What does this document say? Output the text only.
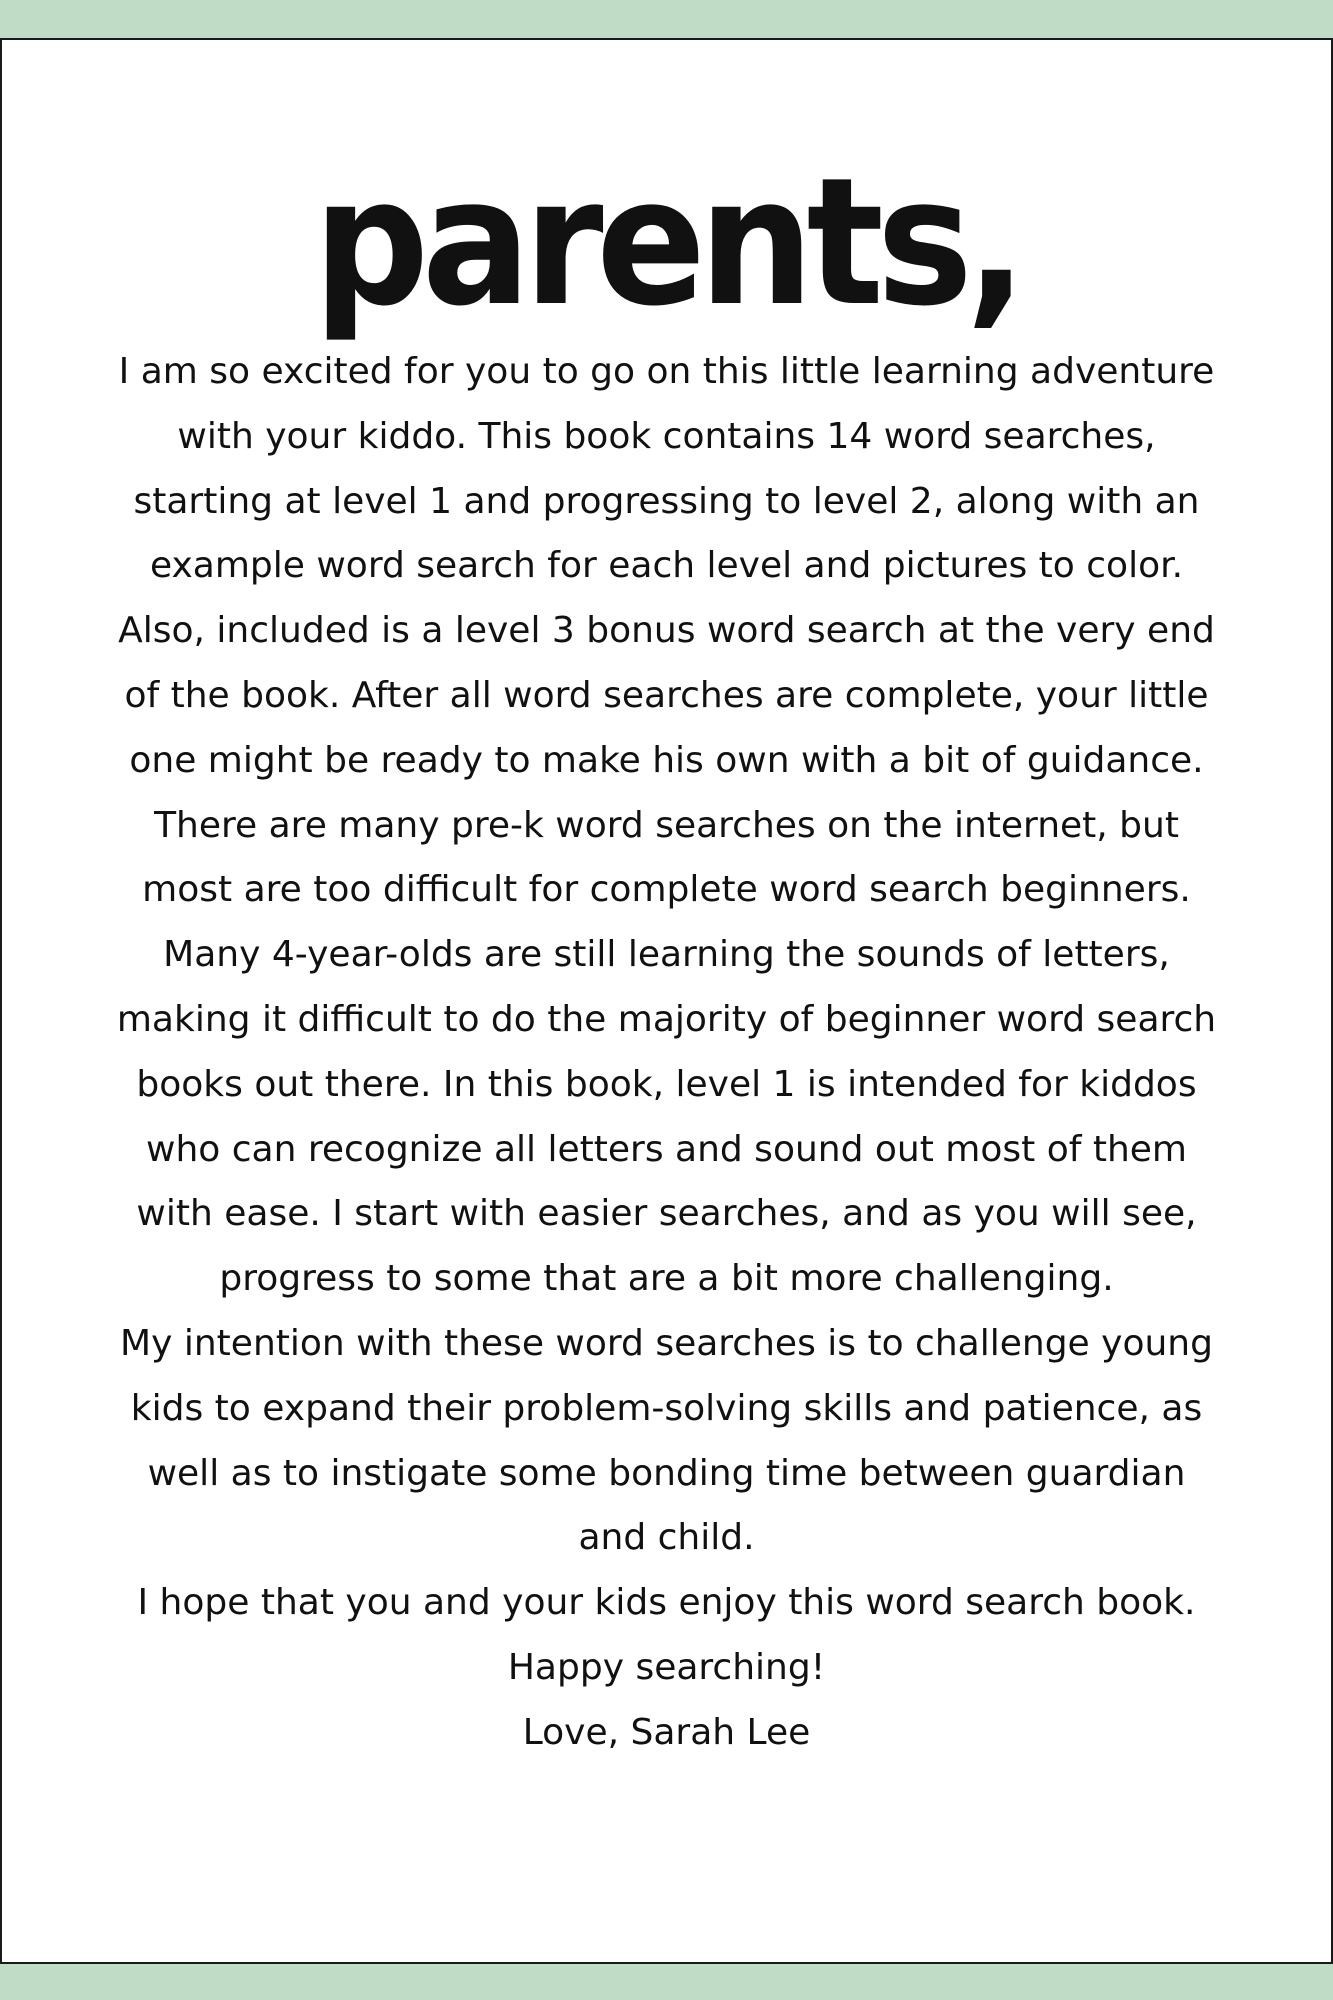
parents,

I am so excited for you to go on this little learning adventure with your kiddo. This book contains 14 word searches, starting at level 1 and progressing to level 2, along with an example word search for each level and pictures to color. Also, included is a level 3 bonus word search at the very end of the book. After all word searches are complete, your little one might be ready to make his own with a bit of guidance.

There are many pre-k word searches on the internet, but most are too difficult for complete word search beginners. Many 4-year-olds are still learning the sounds of letters, making it difficult to do the majority of beginner word search books out there. In this book, level 1 is intended for kiddos who can recognize all letters and sound out most of them with ease. I start with easier searches, and as you will see, progress to some that are a bit more challenging.

My intention with these word searches is to challenge young kids to expand their problem-solving skills and patience, as well as to instigate some bonding time between guardian and child.

I hope that you and your kids enjoy this word search book. Happy searching!

Love, Sarah Lee
